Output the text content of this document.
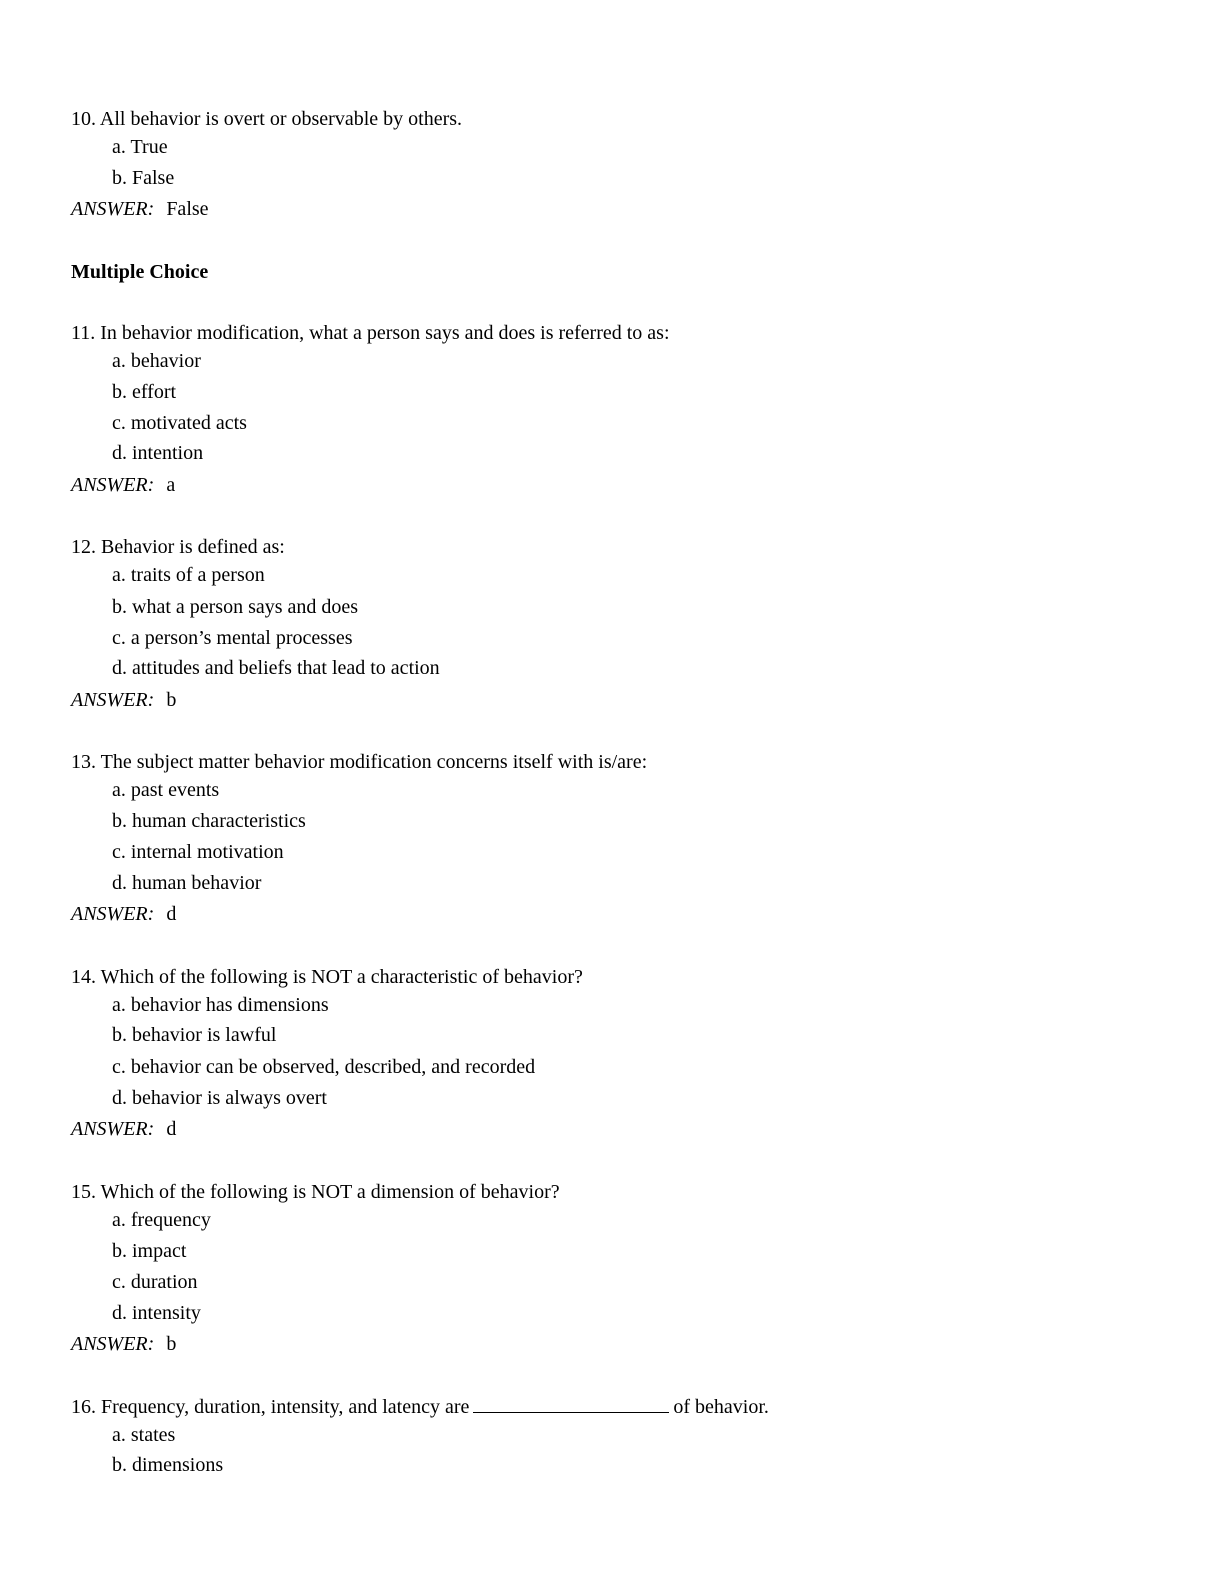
10. All behavior is overt or observable by others.
a. True
b. False
ANSWER: False
Multiple Choice
11. In behavior modification, what a person says and does is referred to as:
a. behavior
b. effort
c. motivated acts
d. intention
ANSWER: a
12. Behavior is defined as:
a. traits of a person
b. what a person says and does
c. a person’s mental processes
d. attitudes and beliefs that lead to action
ANSWER: b
13. The subject matter behavior modification concerns itself with is/are:
a. past events
b. human characteristics
c. internal motivation
d. human behavior
ANSWER: d
14. Which of the following is NOT a characteristic of behavior?
a. behavior has dimensions
b. behavior is lawful
c. behavior can be observed, described, and recorded
d. behavior is always overt
ANSWER: d
15. Which of the following is NOT a dimension of behavior?
a. frequency
b. impact
c. duration
d. intensity
ANSWER: b
16. Frequency, duration, intensity, and latency are	of behavior.
a. states
b. dimensions
